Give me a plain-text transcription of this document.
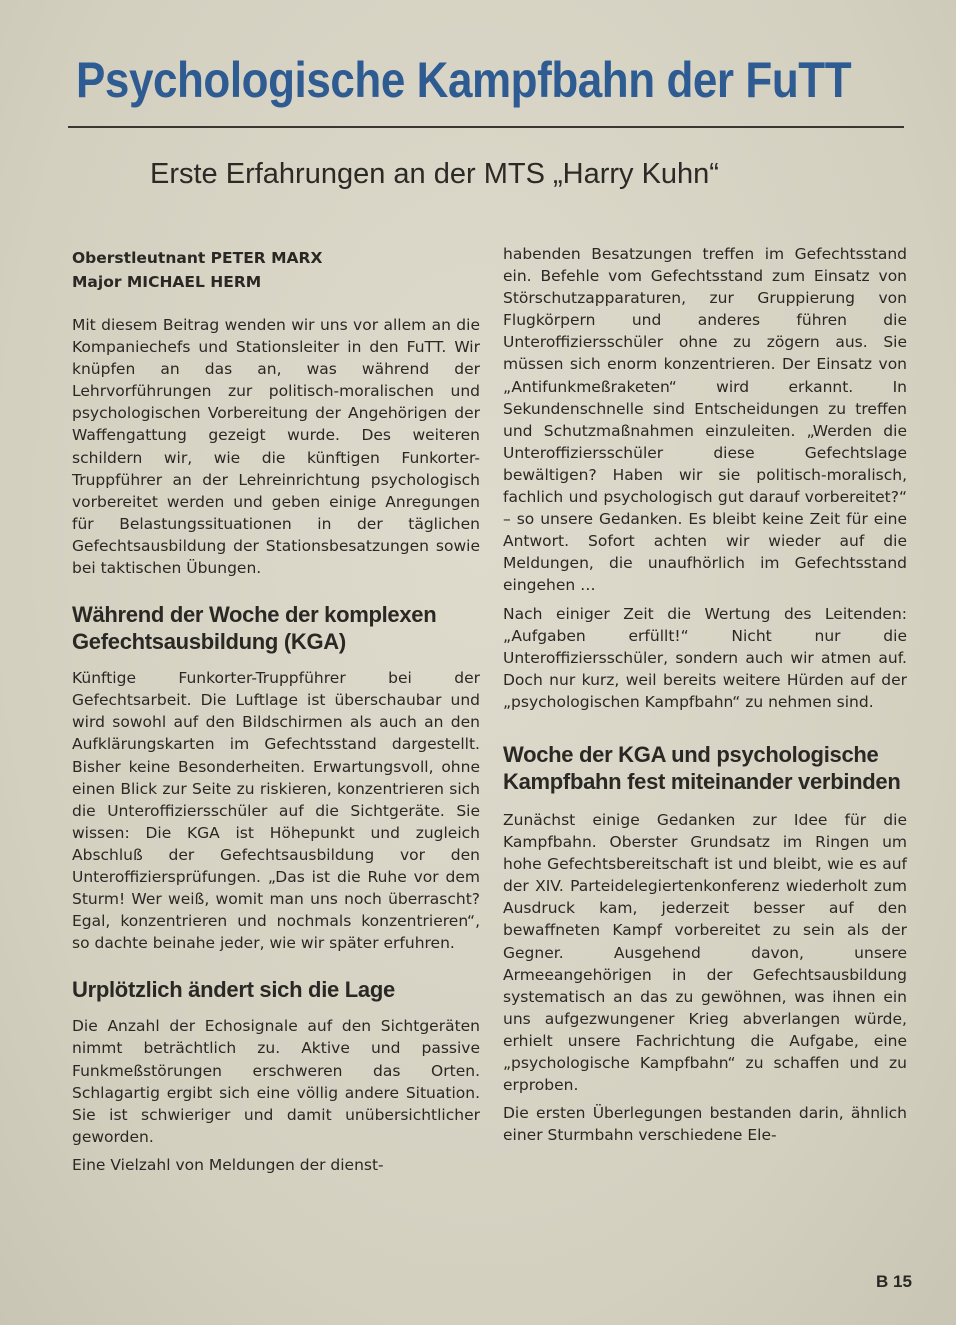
Psychologische Kampfbahn der FuTT
Erste Erfahrungen an der MTS „Harry Kuhn“
Oberstleutnant PETER MARX
Major MICHAEL HERM

Mit diesem Beitrag wenden wir uns vor allem an die Kompaniechefs und Stationsleiter in den FuTT. Wir knüpfen an das an, was während der Lehrvorführungen zur politisch-moralischen und psychologischen Vorbereitung der Angehörigen der Waffengattung gezeigt wurde. Des weiteren schildern wir, wie die künftigen Funkorter-Truppführer an der Lehreinrichtung psychologisch vorbereitet werden und geben einige Anregungen für Belastungssituationen in der täglichen Gefechtsausbildung der Stationsbesatzungen sowie bei taktischen Übungen.

Während der Woche der komplexen Gefechtsausbildung (KGA)

Künftige Funkorter-Truppführer bei der Gefechtsarbeit. Die Luftlage ist überschaubar und wird sowohl auf den Bildschirmen als auch an den Aufklärungskarten im Gefechtsstand dargestellt. Bisher keine Besonderheiten. Erwartungsvoll, ohne einen Blick zur Seite zu riskieren, konzentrieren sich die Unteroffiziersschüler auf die Sichtgeräte. Sie wissen: Die KGA ist Höhepunkt und zugleich Abschluß der Gefechtsausbildung vor den Unteroffiziersprüfungen. „Das ist die Ruhe vor dem Sturm! Wer weiß, womit man uns noch überrascht? Egal, konzentrieren und nochmals konzentrieren“, so dachte beinahe jeder, wie wir später erfuhren.

Urplötzlich ändert sich die Lage

Die Anzahl der Echosignale auf den Sichtgeräten nimmt beträchtlich zu. Aktive und passive Funkmeßstörungen erschweren das Orten. Schlagartig ergibt sich eine völlig andere Situation. Sie ist schwieriger und damit unübersichtlicher geworden.

Eine Vielzahl von Meldungen der dienst-

habenden Besatzungen treffen im Gefechtsstand ein. Befehle vom Gefechtsstand zum Einsatz von Störschutzapparaturen, zur Gruppierung von Flugkörpern und anderes führen die Unteroffiziersschüler ohne zu zögern aus. Sie müssen sich enorm konzentrieren. Der Einsatz von „Antifunkmeßraketen“ wird erkannt. In Sekundenschnelle sind Entscheidungen zu treffen und Schutzmaßnahmen einzuleiten. „Werden die Unteroffiziersschüler diese Gefechtslage bewältigen? Haben wir sie politisch-moralisch, fachlich und psychologisch gut darauf vorbereitet?“ – so unsere Gedanken. Es bleibt keine Zeit für eine Antwort. Sofort achten wir wieder auf die Meldungen, die unaufhörlich im Gefechtsstand eingehen …

Nach einiger Zeit die Wertung des Leitenden: „Aufgaben erfüllt!“ Nicht nur die Unteroffiziersschüler, sondern auch wir atmen auf. Doch nur kurz, weil bereits weitere Hürden auf der „psychologischen Kampfbahn“ zu nehmen sind.

Woche der KGA und psychologische Kampfbahn fest miteinander verbinden

Zunächst einige Gedanken zur Idee für die Kampfbahn. Oberster Grundsatz im Ringen um hohe Gefechtsbereitschaft ist und bleibt, wie es auf der XIV. Parteidelegiertenkonferenz wiederholt zum Ausdruck kam, jederzeit besser auf den bewaffneten Kampf vorbereitet zu sein als der Gegner. Ausgehend davon, unsere Armeeangehörigen in der Gefechtsausbildung systematisch an das zu gewöhnen, was ihnen ein uns aufgezwungener Krieg abverlangen würde, erhielt unsere Fachrichtung die Aufgabe, eine „psychologische Kampfbahn“ zu schaffen und zu erproben.

Die ersten Überlegungen bestanden darin, ähnlich einer Sturmbahn verschiedene Ele-

B 15
